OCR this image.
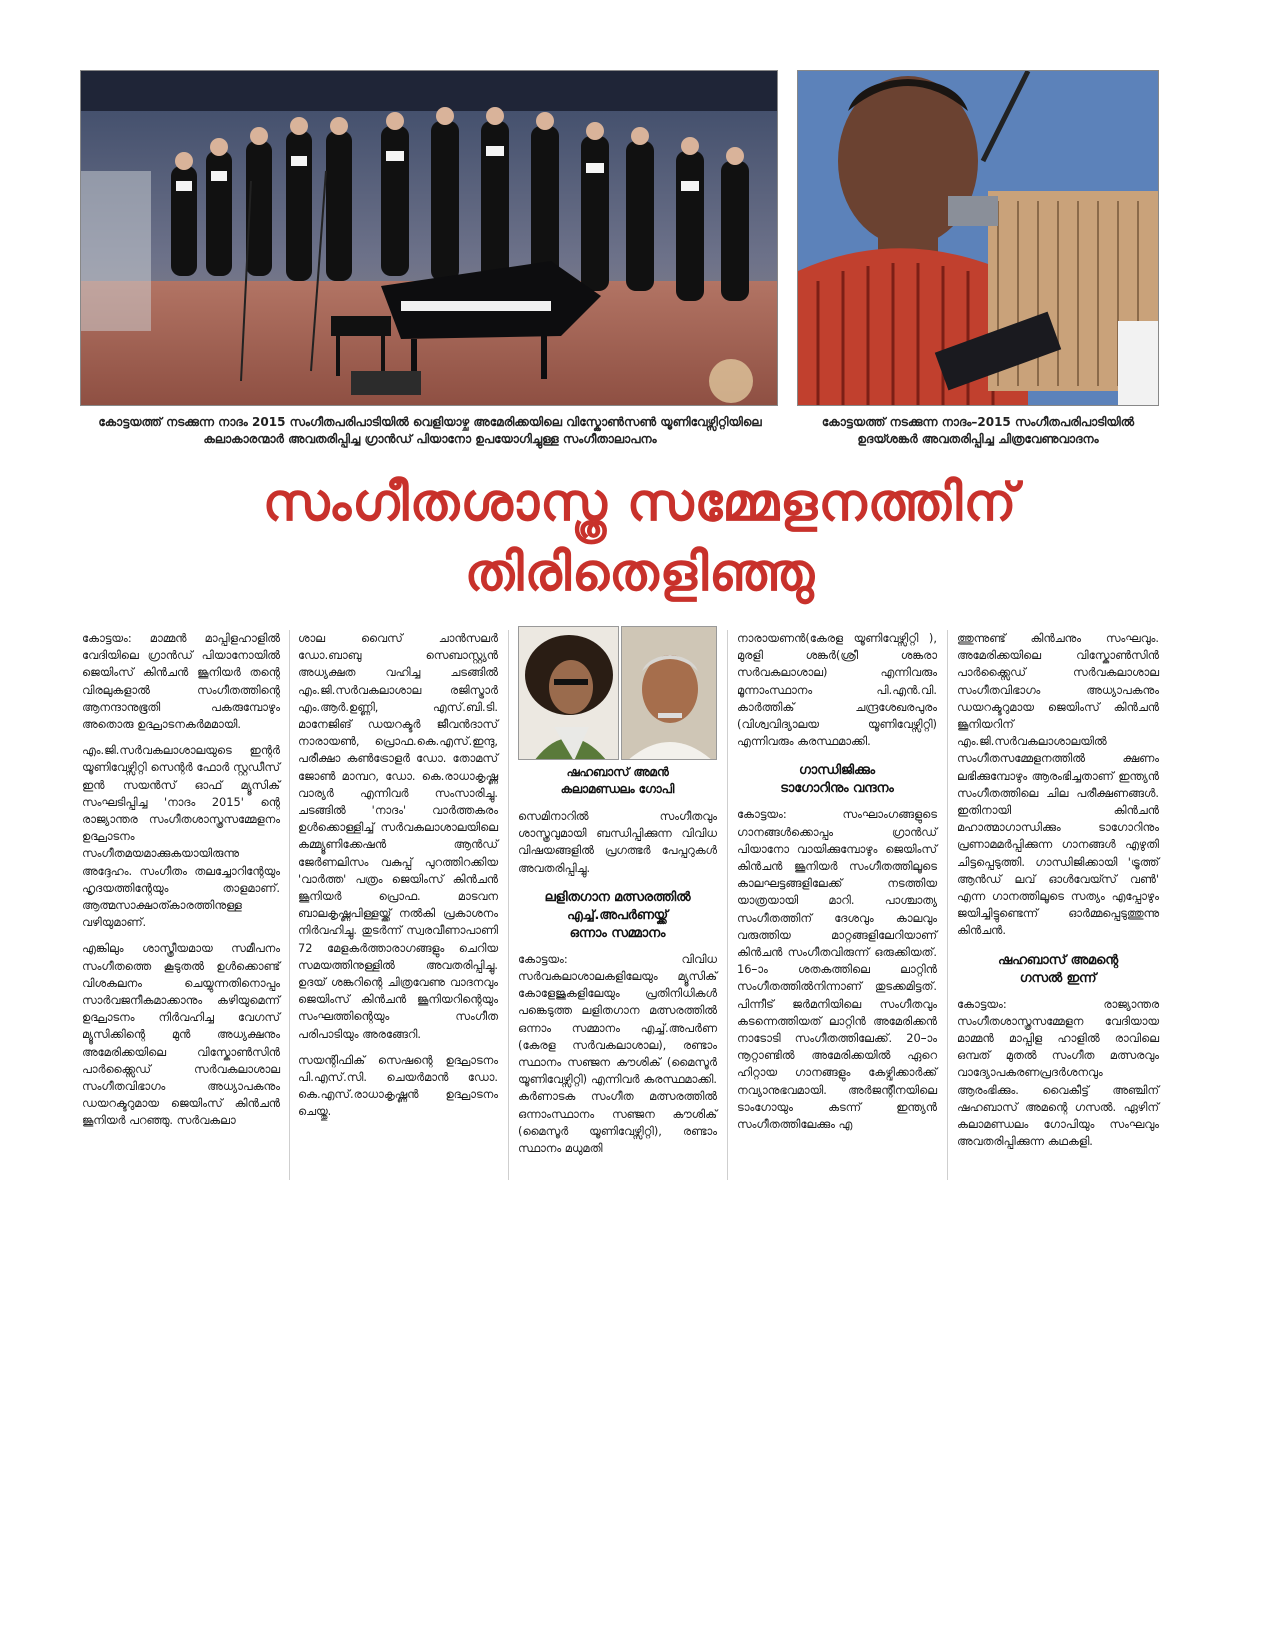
കോട്ടയത്ത് നടക്കുന്ന നാദം 2015 സംഗീതപരിപാടിയിൽ വെളിയാഴ്ച അമേരിക്കയിലെ വിസ്കോൺസൺ യൂണിവേഴ്സിറ്റിയിലെ കലാകാരന്മാർ അവതരിപ്പിച്ച ഗ്രാൻഡ് പിയാനോ ഉപയോഗിച്ചുള്ള സംഗീതാലാപനം
കോട്ടയത്ത് നടക്കുന്ന നാദം–2015 സംഗീതപരിപാടിയിൽ ഉദയ്ശങ്കർ അവതരിപ്പിച്ച ചിത്രവേണുവാദനം
സംഗീതശാസ്ത്ര സമ്മേളനത്തിന്
തിരിതെളിഞ്ഞു

കോട്ടയം: മാമ്മൻ മാപ്പിളഹാളിൽ വേദിയിലെ ഗ്രാൻഡ് പിയാനോയിൽ ജെയിംസ് കിൻചൻ ജൂനിയർ തന്റെ വിരലുകളാൽ സംഗീതത്തിന്റെ ആനന്ദാനുഭൂതി പകരുമ്പോഴും അതൊരു ഉദ്ഘാടനകർമമായി.

എം.ജി.സർവകലാശാലയുടെ ഇന്റർ യൂണിവേഴ്സിറ്റി സെന്റർ ഫോർ സ്റ്റഡീസ് ഇൻ സയൻസ് ഓഫ് മ്യൂസിക് സംഘടിപ്പിച്ച 'നാദം 2015' ന്റെ രാജ്യാന്തര സംഗീതശാസ്ത്രസമ്മേളനം ഉദ്ഘാടനം സംഗീതമയമാക്കുകയായിരുന്നു അദ്ദേഹം. സംഗീതം തലച്ചോറിന്റേയും ഹൃദയത്തിന്റേയും താളമാണ്. ആത്മസാക്ഷാത്കാരത്തിനുള്ള വഴിയുമാണ്.

എങ്കിലും ശാസ്ത്രീയമായ സമീപനം സംഗീതത്തെ കൂടുതൽ ഉൾക്കൊണ്ട് വിശകലനം ചെയ്യുന്നതിനൊപ്പം സാർവജനീകമാക്കാനും കഴിയുമെന്ന് ഉദ്ഘാടനം നിർവഹിച്ച വേഗസ് മ്യൂസിക്കിന്റെ മുൻ അധ്യക്ഷനും അമേരിക്കയിലെ വിസ്കോൺസിൻ പാർക്ക്സൈഡ് സർവകലാശാല സംഗീതവിഭാഗം അധ്യാപകനും ഡയറക്ടറുമായ ജെയിംസ് കിൻചൻ ജൂനിയർ പറഞ്ഞു. സർവകലാ

ശാല വൈസ് ചാൻസലർ ഡോ.ബാബു സെബാസ്റ്റ്യൻ അധ്യക്ഷത വഹിച്ച ചടങ്ങിൽ എം.ജി.സർവകലാശാല രജിസ്ട്രാർ എം.ആർ.ഉണ്ണി, എസ്.ബി.ടി. മാനേജിങ് ഡയറക്ടർ ജീവൻദാസ് നാരായൺ, പ്രൊഫ.കെ.എസ്.ഇന്ദു, പരീക്ഷാ കൺട്രോളർ ഡോ. തോമസ് ജോൺ മാമ്പറ, ഡോ. കെ.രാധാകൃഷ്ണ വാര്യർ എന്നിവർ സംസാരിച്ചു. ചടങ്ങിൽ 'നാദം' വാർത്തകരം ഉൾക്കൊള്ളിച്ച് സർവകലാശാലയിലെ കമ്മ്യൂണിക്കേഷൻ ആൻഡ് ജേർണലിസം വകുപ്പ് പുറത്തിറക്കിയ 'വാർത്ത' പത്രം ജെയിംസ് കിൻചൻ ജൂനിയർ പ്രൊഫ. മാടവന ബാലകൃഷ്ണപിള്ളയ്ക്ക് നൽകി പ്രകാശനം നിർവഹിച്ചു. തുടർന്ന് സ്വരവീണാപാണി 72 മേളകർത്താരാഗങ്ങളും ചെറിയ സമയത്തിനുള്ളിൽ അവതരിപ്പിച്ചു. ഉദയ് ശങ്കറിന്റെ ചിത്രവേണു വാദനവും ജെയിംസ് കിൻചൻ ജൂനിയറിന്റെയും സംഘത്തിന്റെയും സംഗീത പരിപാടിയും അരങ്ങേറി.

സയന്റിഫിക് സെഷന്റെ ഉദ്ഘാടനം പി.എസ്.സി. ചെയർമാൻ ഡോ. കെ.എസ്.രാധാകൃഷ്ണൻ ഉദ്ഘാടനം ചെയ്തു.

ഷഹബാസ് അമൻ
കലാമണ്ഡലം ഗോപി

സെമിനാറിൽ സംഗീതവും ശാസ്ത്രവുമായി ബന്ധിപ്പിക്കുന്ന വിവിധ വിഷയങ്ങളിൽ പ്രഗത്ഭർ പേപ്പറുകൾ അവതരിപ്പിച്ചു.

ലളിതഗാന മത്സരത്തിൽ
എച്ച്.അപർണയ്ക്ക്
ഒന്നാം സമ്മാനം

കോട്ടയം: വിവിധ സർവകലാശാലകളിലേയും മ്യൂസിക് കോളേജുകളിലേയും പ്രതിനിധികൾ പങ്കെടുത്ത ലളിതഗാന മത്സരത്തിൽ ഒന്നാം സമ്മാനം എച്ച്.അപർണ (കേരള സർവകലാശാല), രണ്ടാം സ്ഥാനം സഞ്ജന കൗശിക് (മൈസൂർ യൂണിവേഴ്സിറ്റി) എന്നിവർ കരസ്ഥമാക്കി. കർണാടക സംഗീത മത്സരത്തിൽ ഒന്നാംസ്ഥാനം സഞ്ജന കൗശിക് (മൈസൂർ യൂണിവേഴ്സിറ്റി), രണ്ടാം സ്ഥാനം മധുമതി

നാരായണൻ(കേരള യൂണിവേഴ്സിറ്റി ), മുരളി ശങ്കർ(ശ്രീ ശങ്കരാ സർവകലാശാല) എന്നിവരും മൂന്നാംസ്ഥാനം പി.എൻ.വി. കാർത്തിക് ചന്ദ്രശേഖരപുരം (വിശ്വവിദ്യാലയ യൂണിവേഴ്സിറ്റി) എന്നിവരും കരസ്ഥമാക്കി.

ഗാന്ധിജിക്കും
ടാഗോറിനും വന്ദനം

കോട്ടയം: സംഘാംഗങ്ങളുടെ ഗാനങ്ങൾക്കൊപ്പം ഗ്രാൻഡ് പിയാനോ വായിക്കുമ്പോഴും ജെയിംസ് കിൻചൻ ജൂനിയർ സംഗീതത്തിലൂടെ കാലഘട്ടങ്ങളിലേക്ക് നടത്തിയ യാത്രയായി മാറി. പാശ്ചാത്യ സംഗീതത്തിന് ദേശവും കാലവും വരുത്തിയ മാറ്റങ്ങളിലേറിയാണ് കിൻചൻ സംഗീതവിരുന്ന് ഒരുക്കിയത്. 16–ാം ശതകത്തിലെ ലാറ്റിൻ സംഗീതത്തിൽനിന്നാണ് തുടക്കമിട്ടത്. പിന്നീട് ജർമനിയിലെ സംഗീതവും കടന്നെത്തിയത് ലാറ്റിൻ അമേരിക്കൻ നാടോടി സംഗീതത്തിലേക്ക്. 20–ാം നൂറ്റാണ്ടിൽ അമേരിക്കയിൽ ഏറെ ഹിറ്റായ ഗാനങ്ങളും കേഴ്വിക്കാർക്ക് നവ്യാനുഭവമായി. അർജന്റീനയിലെ ടാംഗോയും കടന്ന് ഇന്ത്യൻ സംഗീതത്തിലേക്കും എ

ത്തുന്നുണ്ട് കിൻചനും സംഘവും. അമേരിക്കയിലെ വിസ്കോൺസിൻ പാർക്ക്സൈഡ് സർവകലാശാല സംഗീതവിഭാഗം അധ്യാപകനും ഡയറക്ടറുമായ ജെയിംസ് കിൻചൻ ജൂനിയറിന് എം.ജി.സർവകലാശാലയിൽ സംഗീതസമ്മേളനത്തിൽ ക്ഷണം ലഭിക്കുമ്പോഴും ആരംഭിച്ചതാണ് ഇന്ത്യൻ സംഗീതത്തിലെ ചില പരീക്ഷണങ്ങൾ. ഇതിനായി കിൻചൻ മഹാത്മാഗാന്ധിക്കും ടാഗോറിനും പ്രണാമമർപ്പിക്കുന്ന ഗാനങ്ങൾ എഴുതി ചിട്ടപ്പെടുത്തി. ഗാന്ധിജിക്കായി 'ട്രൂത്ത് ആൻഡ് ലവ് ഓൾവേയ്സ് വൺ' എന്ന ഗാനത്തിലൂടെ സത്യം എപ്പോഴും ജയിച്ചിട്ടുണ്ടെന്ന് ഓർമ്മപ്പെടുത്തുന്നു കിൻചൻ.

ഷഹബാസ് അമന്റെ
ഗസൽ ഇന്ന്

കോട്ടയം: രാജ്യാന്തര സംഗീതശാസ്ത്രസമ്മേളന വേദിയായ മാമ്മൻ മാപ്പിള ഹാളിൽ രാവിലെ ഒമ്പത് മുതൽ സംഗീത മത്സരവും വാദ്യോപകരണപ്രദർശനവും ആരംഭിക്കും. വൈകീട്ട് അഞ്ചിന് ഷഹബാസ് അമന്റെ ഗസൽ. ഏഴിന് കലാമണ്ഡലം ഗോപിയും സംഘവും അവതരിപ്പിക്കുന്ന കഥകളി.
